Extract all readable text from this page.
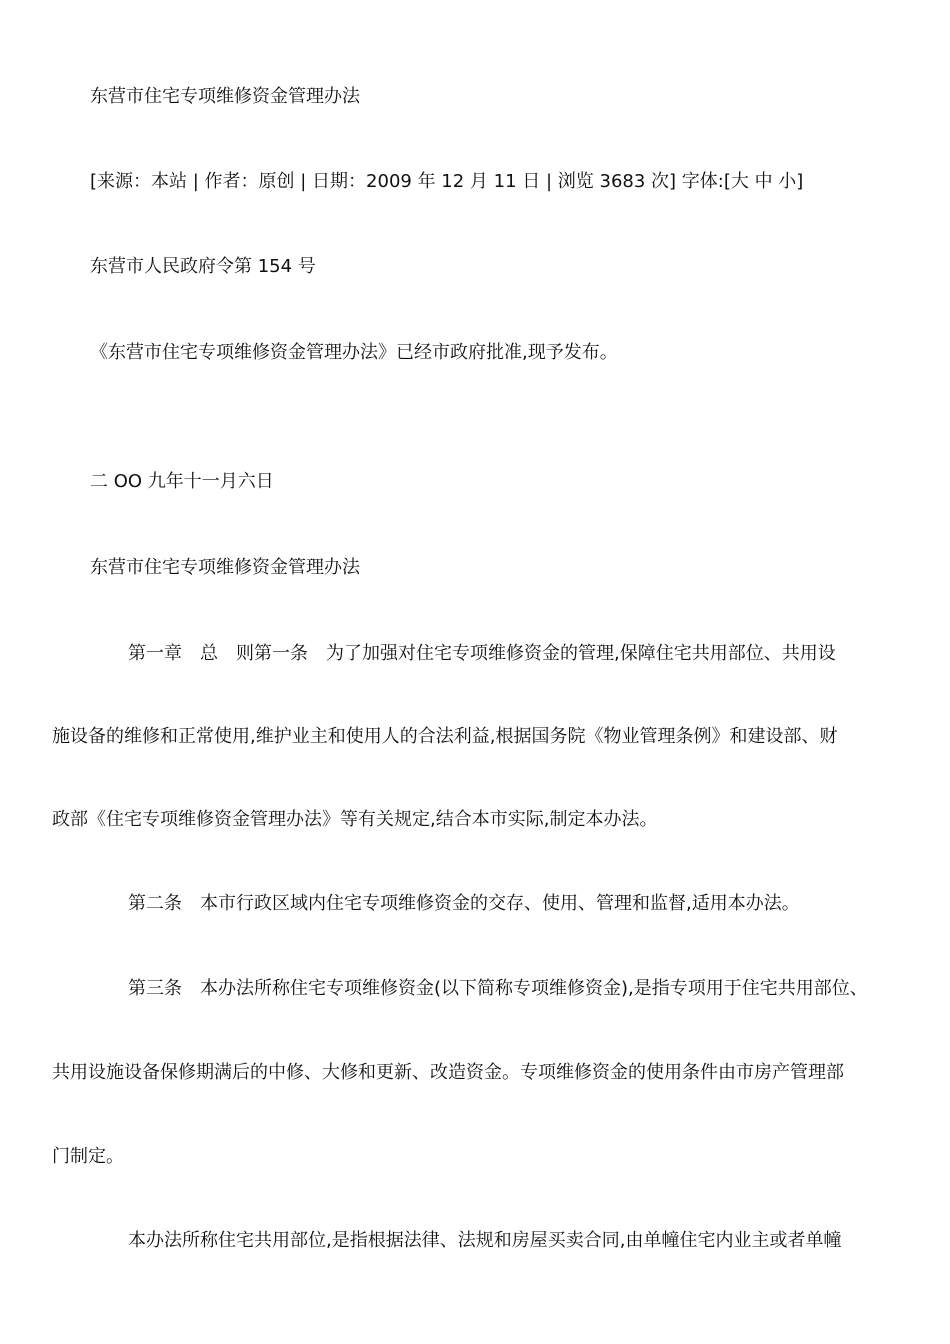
东营市住宅专项维修资金管理办法
[来源：本站 | 作者：原创 | 日期：2009 年 12 月 11 日 | 浏览 3683 次] 字体:[大 中 小]
东营市人民政府令第 154 号
《东营市住宅专项维修资金管理办法》已经市政府批准,现予发布。
二 OO 九年十一月六日
东营市住宅专项维修资金管理办法
第一章　总　则第一条　为了加强对住宅专项维修资金的管理,保障住宅共用部位、共用设
施设备的维修和正常使用,维护业主和使用人的合法利益,根据国务院《物业管理条例》和建设部、财
政部《住宅专项维修资金管理办法》等有关规定,结合本市实际,制定本办法。
第二条　本市行政区域内住宅专项维修资金的交存、使用、管理和监督,适用本办法。
第三条　本办法所称住宅专项维修资金(以下简称专项维修资金),是指专项用于住宅共用部位、
共用设施设备保修期满后的中修、大修和更新、改造资金。专项维修资金的使用条件由市房产管理部
门制定。
本办法所称住宅共用部位,是指根据法律、法规和房屋买卖合同,由单幢住宅内业主或者单幢
